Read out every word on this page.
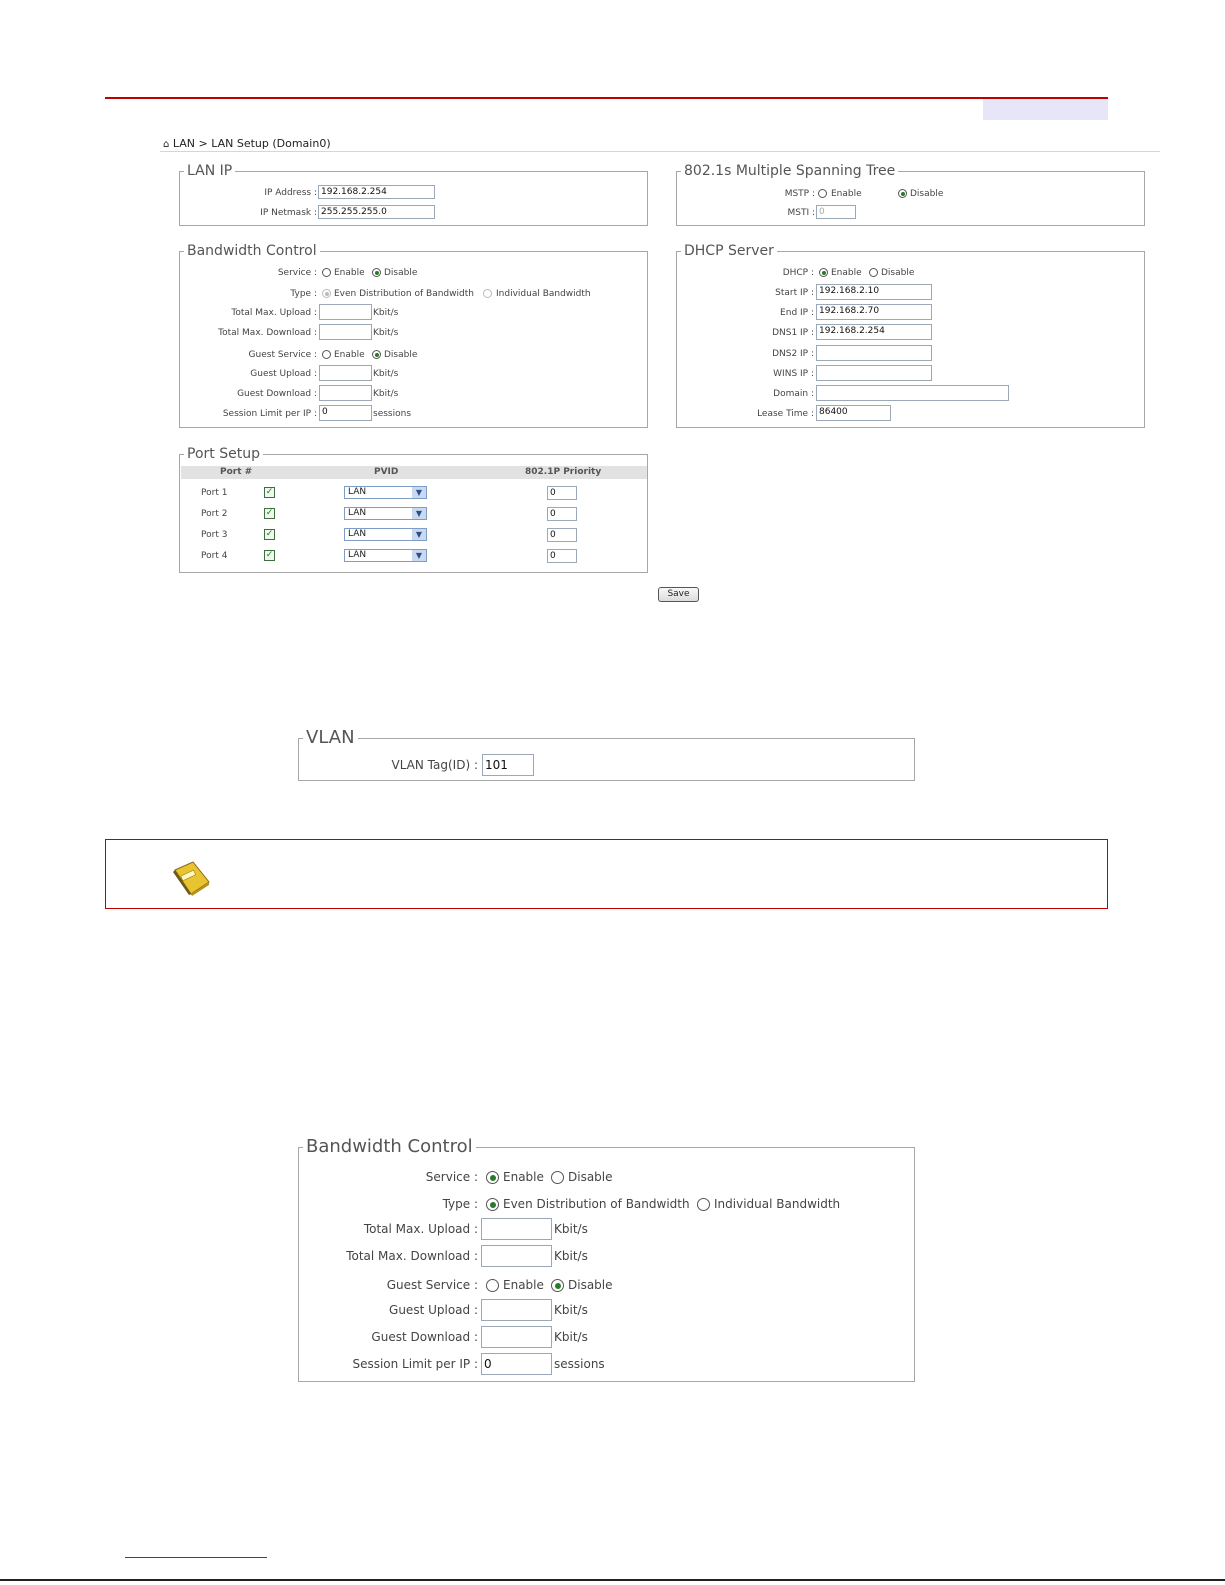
⌂ LAN > LAN Setup (Domain0)
LAN IP
IP Address : 192.168.2.254
IP Netmask : 255.255.255.0
802.1s Multiple Spanning Tree
MSTP : Enable	Disable
MSTI : 0
Bandwidth Control
Service : Enable Disable
Type : Even Distribution of Bandwidth Individual Bandwidth
Total Max. Upload :	Kbit/s
Total Max. Download :	Kbit/s
Guest Service : Enable Disable
Guest Upload :	Kbit/s
Guest Download :	Kbit/s
Session Limit per IP : 0	sessions
DHCP Server
DHCP : Enable Disable
Start IP : 192.168.2.10
End IP : 192.168.2.70
DNS1 IP : 192.168.2.254
DNS2 IP :
WINS IP :
Domain :
Lease Time : 86400
Port Setup
Port #	PVID	802.1P Priority
Port 1	✓	LAN	▼	0
Port 2	✓	LAN	▼	0
Port 3	✓	LAN	▼	0
Port 4	✓	LAN	▼	0
Save
VLAN
VLAN Tag(ID) : 101
Bandwidth Control
Service : Enable Disable
Type : Even Distribution of Bandwidth Individual Bandwidth
Total Max. Upload :	Kbit/s
Total Max. Download :	Kbit/s
Guest Service : Enable Disable
Guest Upload :	Kbit/s
Guest Download :	Kbit/s
Session Limit per IP : 0	sessions
